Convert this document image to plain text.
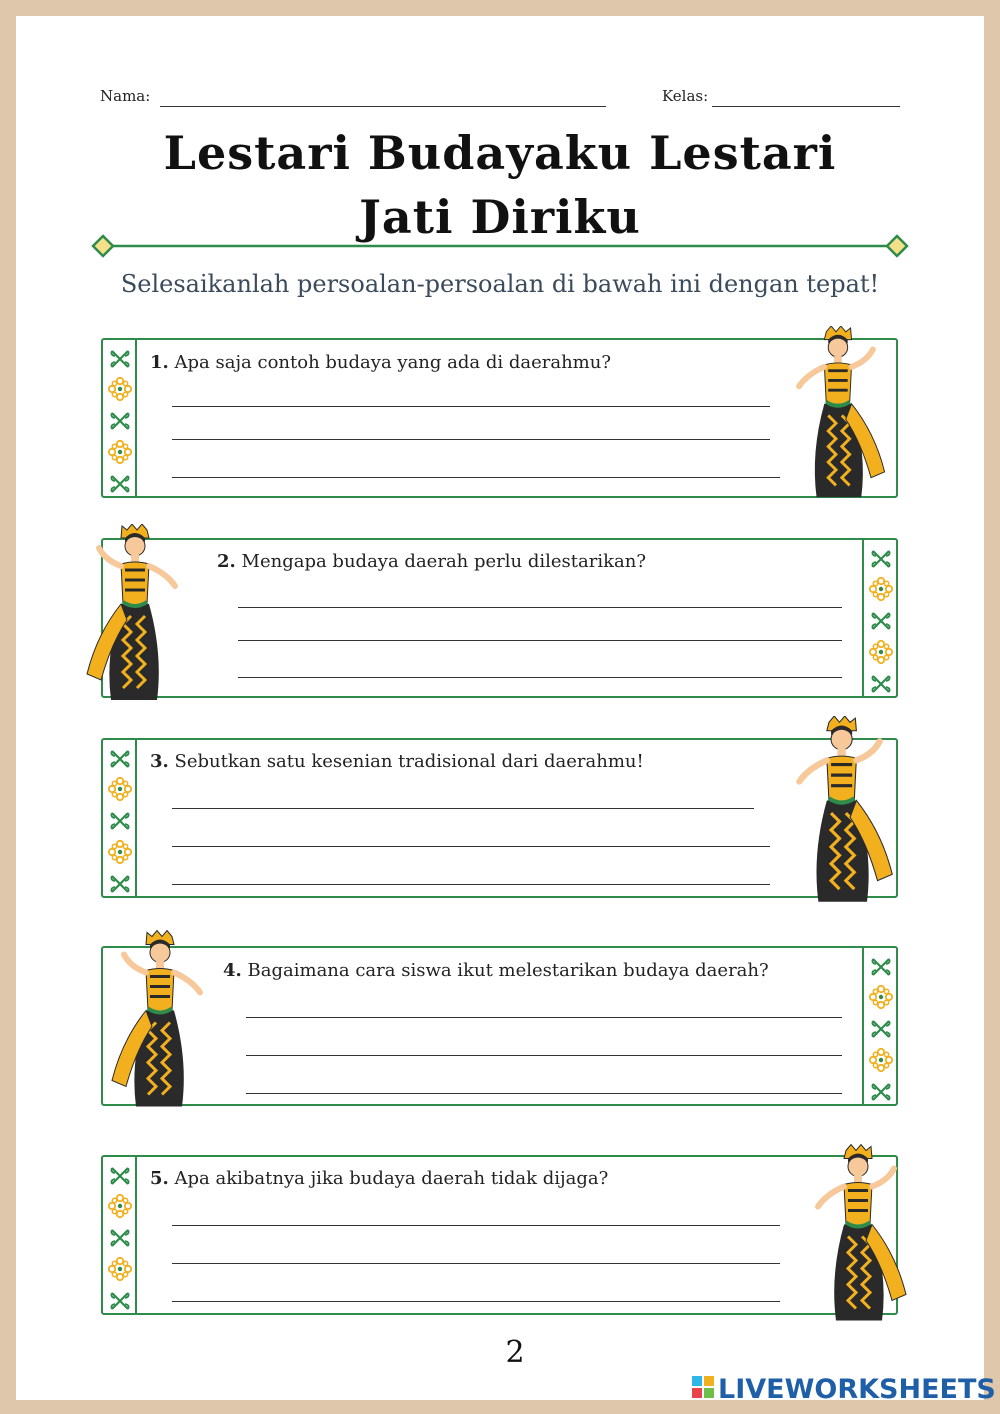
Nama:	Kelas:
Lestari Budayaku Lestari
Jati Diriku
Selesaikanlah persoalan-persoalan di bawah ini dengan tepat!
1. Apa saja contoh budaya yang ada di daerahmu?
2. Mengapa budaya daerah perlu dilestarikan?
3. Sebutkan satu kesenian tradisional dari daerahmu!
4. Bagaimana cara siswa ikut melestarikan budaya daerah?
5. Apa akibatnya jika budaya daerah tidak dijaga?
2
LIVEWORKSHEETS
